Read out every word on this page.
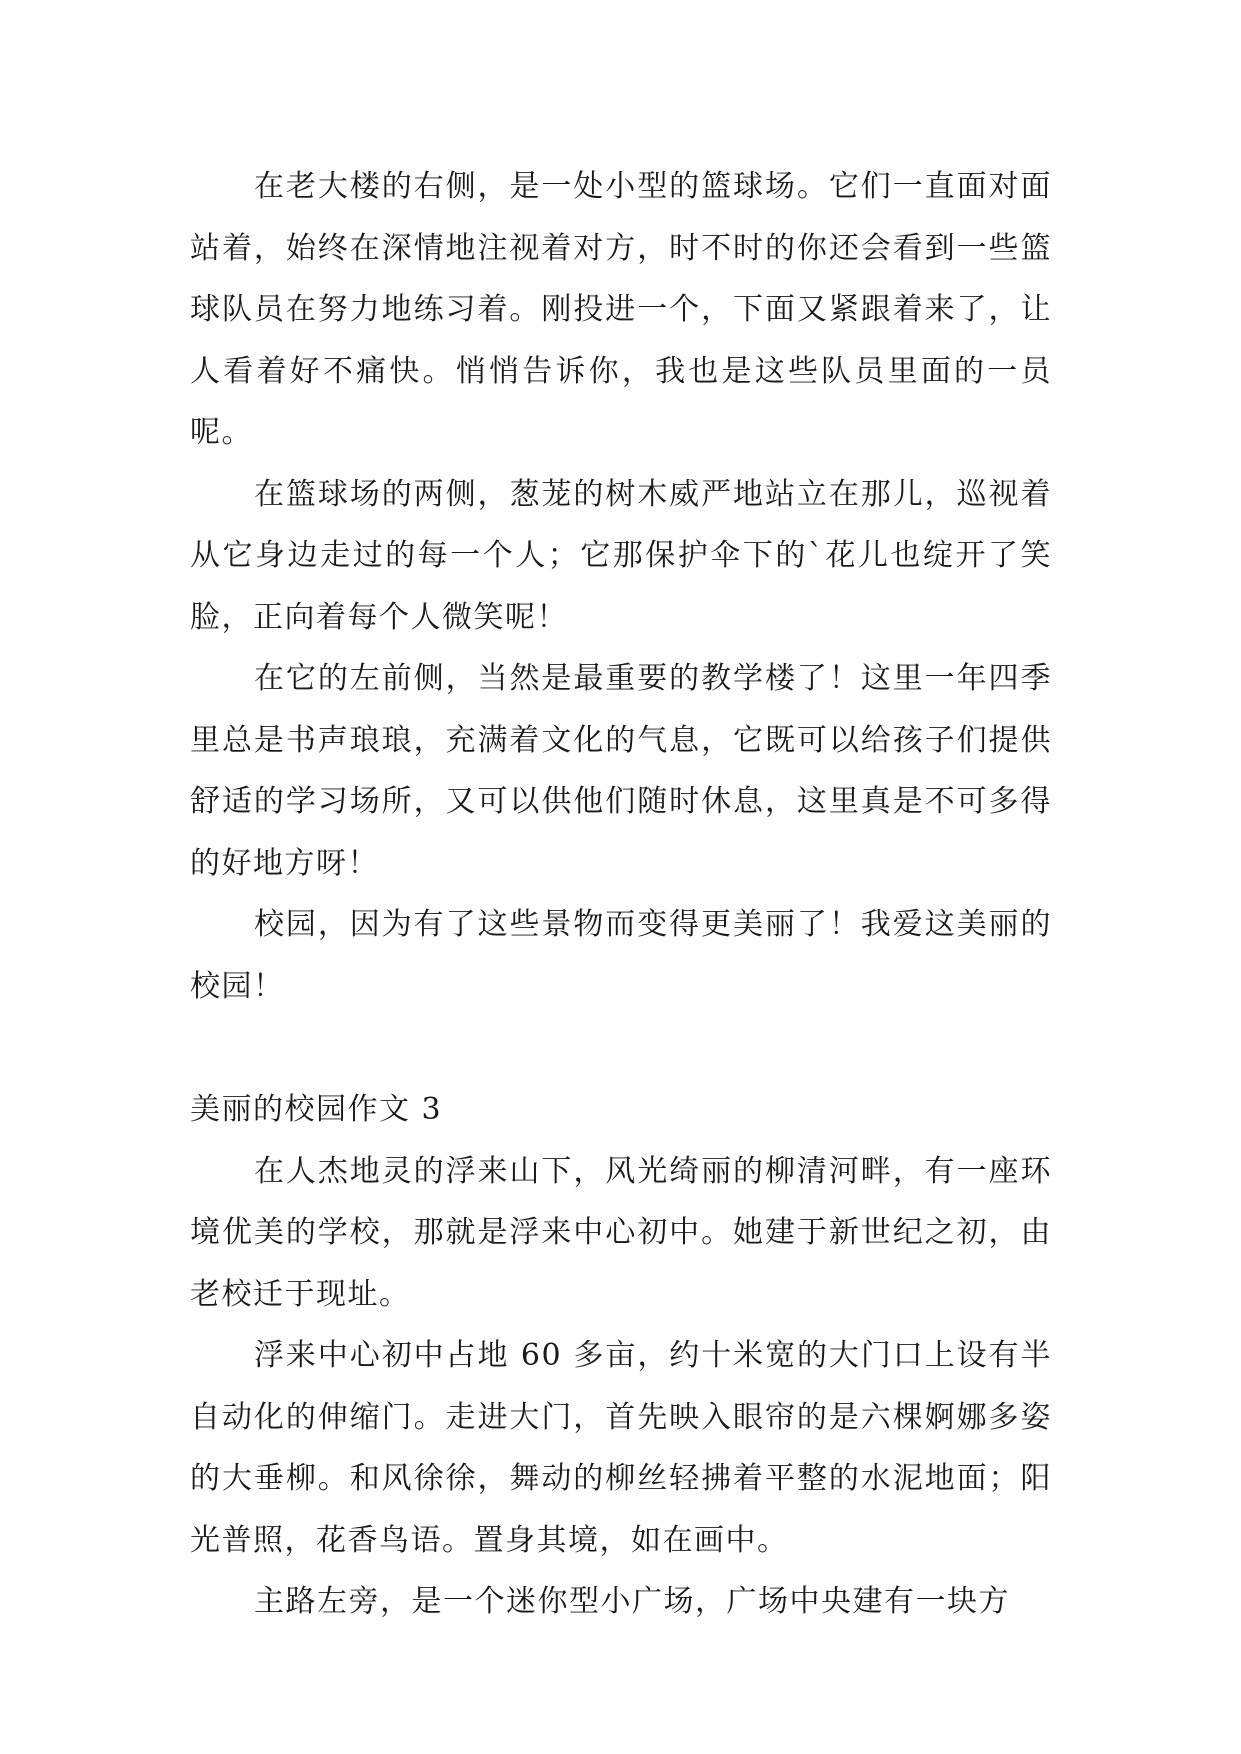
在老大楼的右侧，是一处小型的篮球场。它们一直面对面站着，始终在深情地注视着对方，时不时的你还会看到一些篮球队员在努力地练习着。刚投进一个，下面又紧跟着来了，让人看着好不痛快。悄悄告诉你，我也是这些队员里面的一员呢。

在篮球场的两侧，葱茏的树木威严地站立在那儿，巡视着从它身边走过的每一个人；它那保护伞下的`花儿也绽开了笑脸，正向着每个人微笑呢！

在它的左前侧，当然是最重要的教学楼了！这里一年四季里总是书声琅琅，充满着文化的气息，它既可以给孩子们提供舒适的学习场所，又可以供他们随时休息，这里真是不可多得的好地方呀！

校园，因为有了这些景物而变得更美丽了！我爱这美丽的校园！

美丽的校园作文 3

在人杰地灵的浮来山下，风光绮丽的柳清河畔，有一座环境优美的学校，那就是浮来中心初中。她建于新世纪之初，由老校迁于现址。

浮来中心初中占地 60 多亩，约十米宽的大门口上设有半自动化的伸缩门。走进大门，首先映入眼帘的是六棵婀娜多姿的大垂柳。和风徐徐，舞动的柳丝轻拂着平整的水泥地面；阳光普照，花香鸟语。置身其境，如在画中。

主路左旁，是一个迷你型小广场，广场中央建有一块方
